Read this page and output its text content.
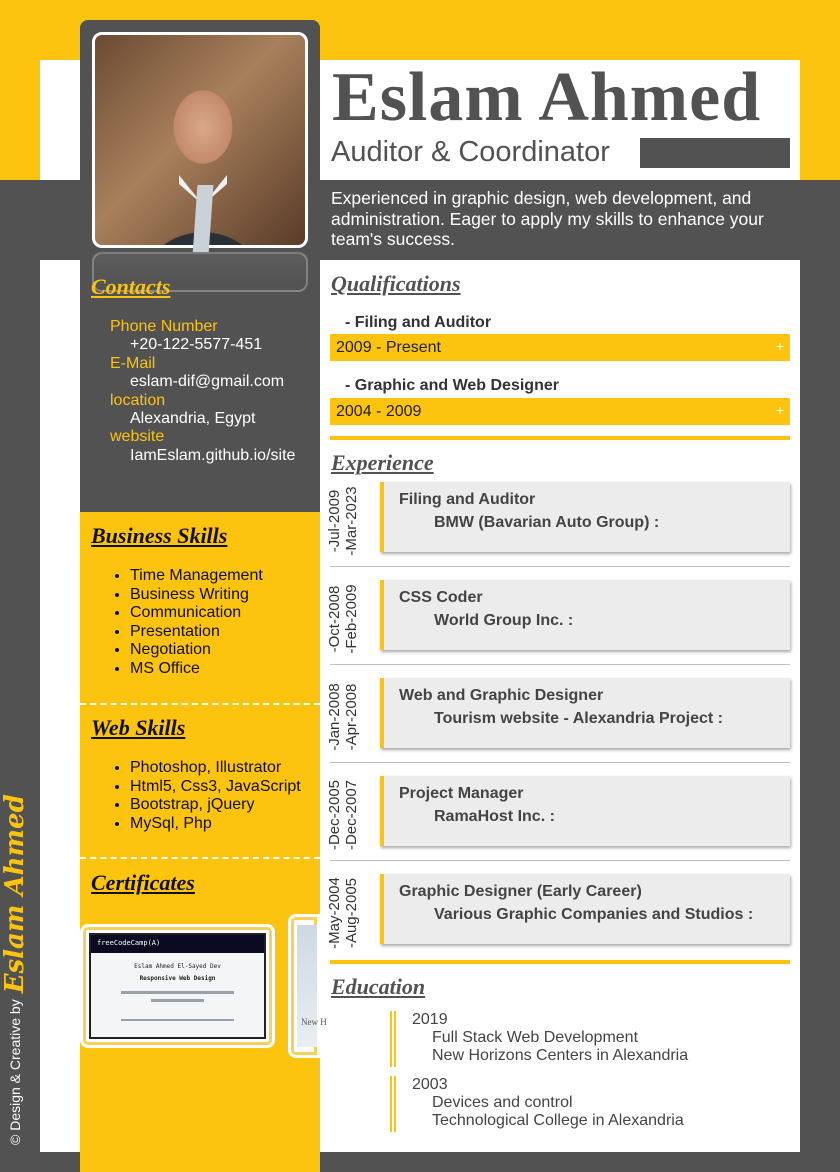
Contacts
Phone Number
+20-122-5577-451
E-Mail
eslam-dif@gmail.com
location
Alexandria, Egypt
website
IamEslam.github.io/site
Business Skills
• Time Management
• Business Writing
• Communication
• Presentation
• Negotiation
• MS Office
Web Skills
• Photoshop, Illustrator
• Html5, Css3, JavaScript
• Bootstrap, jQuery
• MySql, Php
Certificates
freeCodeCamp(A)
Eslam Ahmed El-Sayed Dev
Responsive Web Design
New H
© Design & Creative by
Eslam Ahmed
Eslam Ahmed
Auditor & Coordinator
Experienced in graphic design, web development, and administration. Eager to apply my skills to enhance your team's success.
Qualifications
- Filing and Auditor
2009 - Present	+
- Graphic and Web Designer
2004 - 2009	+
Experience
-Jul-2009 -Mar-2023 Filing and Auditor
BMW (Bavarian Auto Group) :
-Oct-2008 -Feb-2009 CSS Coder
World Group Inc. :
-Jan-2008 -Apr-2008 Web and Graphic Designer
Tourism website - Alexandria Project :
-Dec-2005 -Dec-2007 Project Manager
RamaHost Inc. :
-May-2004 -Aug-2005 Graphic Designer (Early Career)
Various Graphic Companies and Studios :
Education
2019
Full Stack Web Development
New Horizons Centers in Alexandria
2003
Devices and control
Technological College in Alexandria
